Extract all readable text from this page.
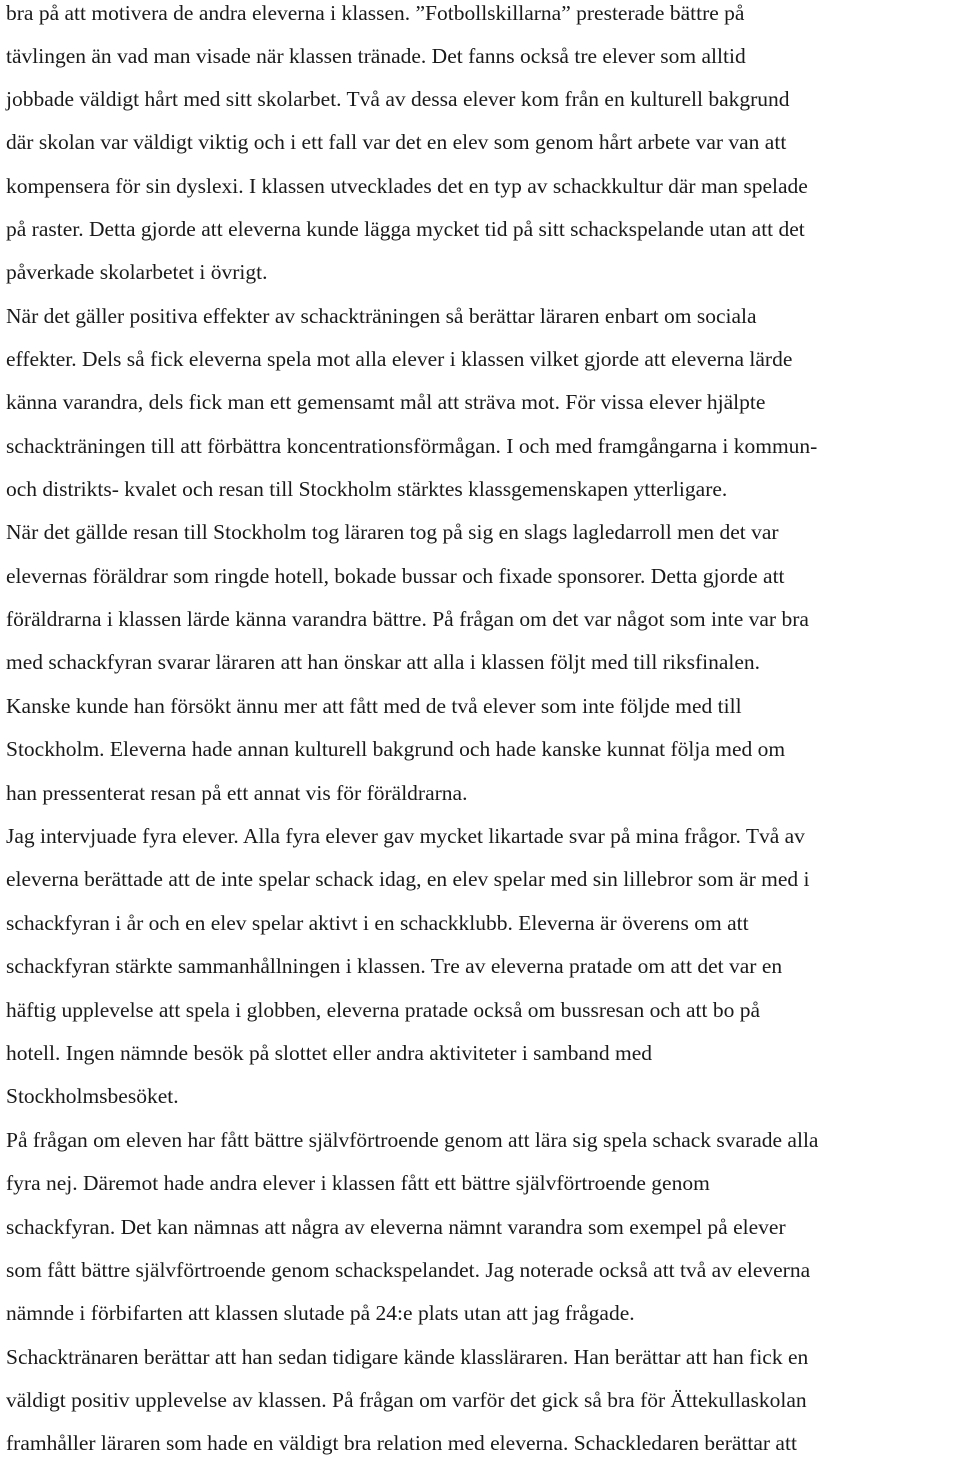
bra på att motivera de andra eleverna i klassen. ”Fotbollskillarna” presterade bättre på
tävlingen än vad man visade när klassen tränade. Det fanns också tre elever som alltid
jobbade väldigt hårt med sitt skolarbet. Två av dessa elever kom från en kulturell bakgrund
där skolan var väldigt viktig och i ett fall var det en elev som genom hårt arbete var van att
kompensera för sin dyslexi. I klassen utvecklades det en typ av schackkultur där man spelade
på raster. Detta gjorde att eleverna kunde lägga mycket tid på sitt schackspelande utan att det
påverkade skolarbetet i övrigt.
När det gäller positiva effekter av schackträningen så berättar läraren enbart om sociala
effekter. Dels så fick eleverna spela mot alla elever i klassen vilket gjorde att eleverna lärde
känna varandra, dels fick man ett gemensamt mål att sträva mot. För vissa elever hjälpte
schackträningen till att förbättra koncentrationsförmågan. I och med framgångarna i kommun-
och distrikts- kvalet och resan till Stockholm stärktes klassgemenskapen ytterligare.
När det gällde resan till Stockholm tog läraren tog på sig en slags lagledarroll men det var
elevernas föräldrar som ringde hotell, bokade bussar och fixade sponsorer. Detta gjorde att
föräldrarna i klassen lärde känna varandra bättre. På frågan om det var något som inte var bra
med schackfyran svarar läraren att han önskar att alla i klassen följt med till riksfinalen.
Kanske kunde han försökt ännu mer att fått med de två elever som inte följde med till
Stockholm. Eleverna hade annan kulturell bakgrund och hade kanske kunnat följa med om
han pressenterat resan på ett annat vis för föräldrarna.
Jag intervjuade fyra elever. Alla fyra elever gav mycket likartade svar på mina frågor. Två av
eleverna berättade att de inte spelar schack idag, en elev spelar med sin lillebror som är med i
schackfyran i år och en elev spelar aktivt i en schackklubb. Eleverna är överens om att
schackfyran stärkte sammanhållningen i klassen. Tre av eleverna pratade om att det var en
häftig upplevelse att spela i globben, eleverna pratade också om bussresan och att bo på
hotell. Ingen nämnde besök på slottet eller andra aktiviteter i samband med
Stockholmsbesöket.
På frågan om eleven har fått bättre självförtroende genom att lära sig spela schack svarade alla
fyra nej. Däremot hade andra elever i klassen fått ett bättre självförtroende genom
schackfyran. Det kan nämnas att några av eleverna nämnt varandra som exempel på elever
som fått bättre självförtroende genom schackspelandet. Jag noterade också att två av eleverna
nämnde i förbifarten att klassen slutade på 24:e plats utan att jag frågade.
Schacktränaren berättar att han sedan tidigare kände klassläraren. Han berättar att han fick en
väldigt positiv upplevelse av klassen. På frågan om varför det gick så bra för Ättekullaskolan
framhåller läraren som hade en väldigt bra relation med eleverna. Schackledaren berättar att
